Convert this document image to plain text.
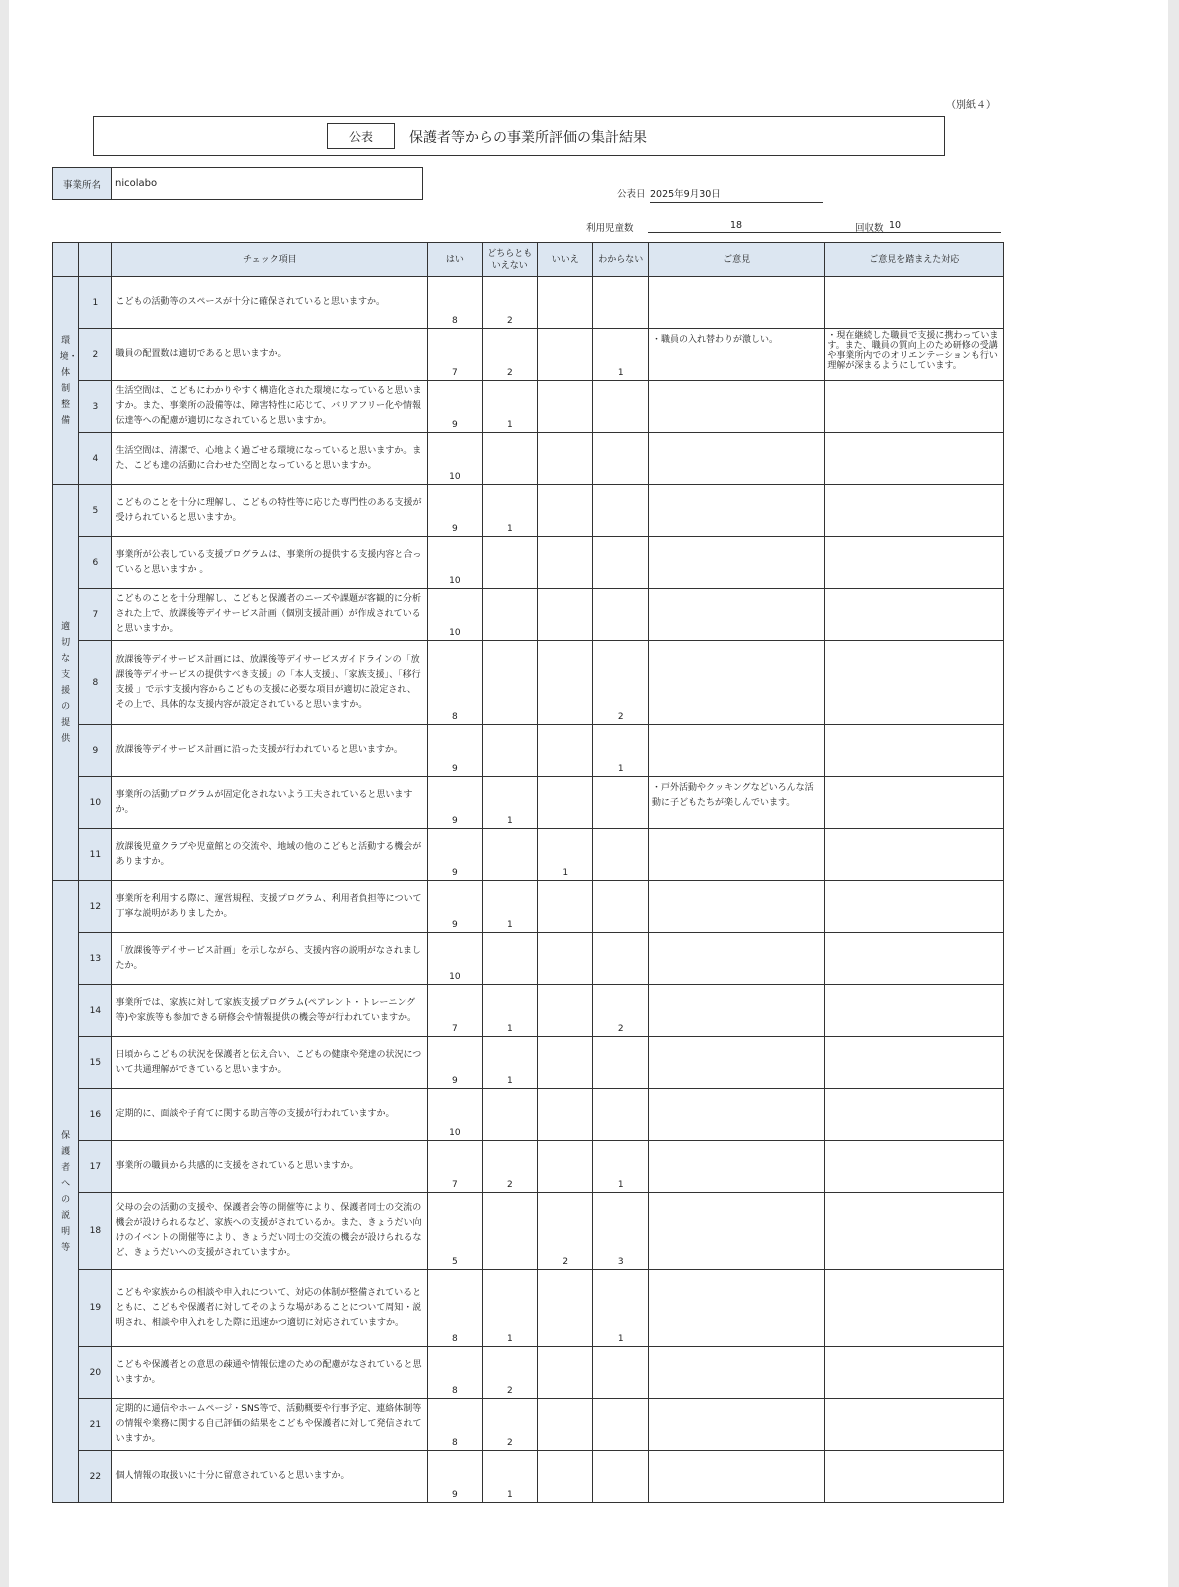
（別紙４）
公表	保護者等からの事業所評価の集計結果
事業所名	nicolabo
公表日 2025年9月30日
利用児童数	18	回収数 10
		チェック項目	はい	どちらとも
いえない	いいえ	わからない	ご意見	ご意見を踏まえた対応

環境・体制整備	1	こどもの活動等のスペースが十分に確保されていると思いますか。	8	2				
	2	職員の配置数は適切であると思いますか。	7	2		1	・職員の入れ替わりが激しい。	・現在継続した職員で支援に携わっています。また、職員の質向上のため研修の受講や事業所内でのオリエンテーションも行い理解が深まるようにしています。
	3	生活空間は、こどもにわかりやすく構造化された環境になっていると思いますか。また、事業所の設備等は、障害特性に応じて、バリアフリー化や情報伝達等への配慮が適切になされていると思いますか。	9	1				
	4	生活空間は、清潔で、心地よく過ごせる環境になっていると思いますか。また、こども達の活動に合わせた空間となっていると思いますか。	10					

適切な支援の提供	5	こどものことを十分に理解し、こどもの特性等に応じた専門性のある支援が受けられていると思いますか。	9	1				
	6	事業所が公表している支援プログラムは、事業所の提供する支援内容と合っていると思いますか 。	10					
	7	こどものことを十分理解し、こどもと保護者のニーズや課題が客観的に分析された上で、放課後等デイサービス計画（個別支援計画）が作成されていると思いますか。	10					
	8	放課後等デイサービス計画には、放課後等デイサービスガイドラインの「放課後等デイサービスの提供すべき支援」の「本人支援」、「家族支援」、「移行支援 」で示す支援内容からこどもの支援に必要な項目が適切に設定され、その上で、具体的な支援内容が設定されていると思いますか。	8			2		
	9	放課後等デイサービス計画に沿った支援が行われていると思いますか。	9			1		
	10	事業所の活動プログラムが固定化されないよう工夫されていると思いますか。	9	1			・戸外活動やクッキングなどいろんな活動に子どもたちが楽しんでいます。	
	11	放課後児童クラブや児童館との交流や、地域の他のこどもと活動する機会がありますか。	9		1			

保護者への説明等	12	事業所を利用する際に、運営規程、支援プログラム、利用者負担等について丁寧な説明がありましたか。	9	1				
	13	「放課後等デイサービス計画」を示しながら、支援内容の説明がなされましたか。	10					
	14	事業所では、家族に対して家族支援プログラム(ペアレント・トレーニング等)や家族等も参加できる研修会や情報提供の機会等が行われていますか。	7	1		2		
	15	日頃からこどもの状況を保護者と伝え合い、こどもの健康や発達の状況について共通理解ができていると思いますか。	9	1				
	16	定期的に、面談や子育てに関する助言等の支援が行われていますか。	10					
	17	事業所の職員から共感的に支援をされていると思いますか。	7	2		1		
	18	父母の会の活動の支援や、保護者会等の開催等により、保護者同士の交流の機会が設けられるなど、家族への支援がされているか。また、きょうだい向けのイベントの開催等により、きょうだい同士の交流の機会が設けられるなど、きょうだいへの支援がされていますか。	5		2	3		
	19	こどもや家族からの相談や申入れについて、対応の体制が整備されているとともに、こどもや保護者に対してそのような場があることについて周知・説明され、相談や申入れをした際に迅速かつ適切に対応されていますか。	8	1		1		
	20	こどもや保護者との意思の疎通や情報伝達のための配慮がなされていると思いますか。	8	2				
	21	定期的に通信やホームページ・SNS等で、活動概要や行事予定、連絡体制等の情報や業務に関する自己評価の結果をこどもや保護者に対して発信されていますか。	8	2				
	22	個人情報の取扱いに十分に留意されていると思いますか。	9	1				
